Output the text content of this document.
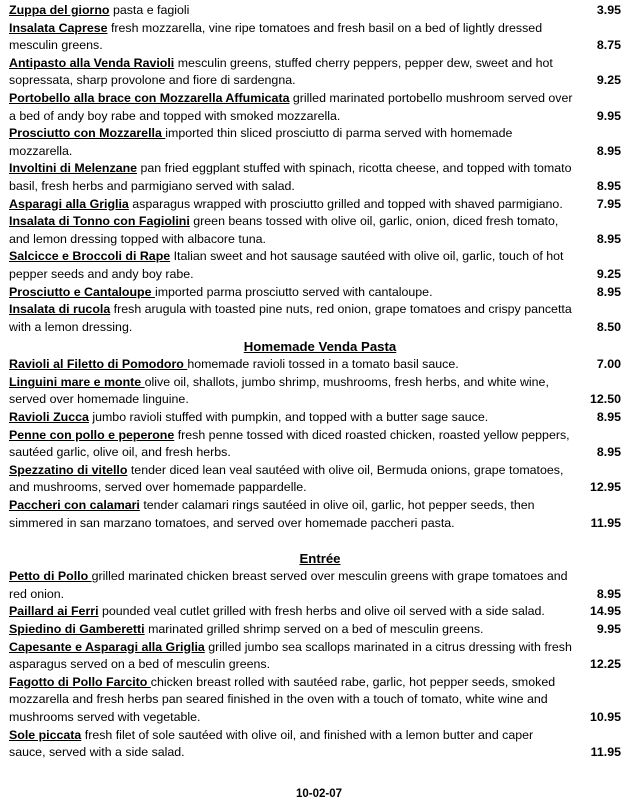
Zuppa del giorno pasta e fagioli	3.95
Insalata Caprese fresh mozzarella, vine ripe tomatoes and fresh basil on a bed of lightly dressed mesculin greens.	8.75
Antipasto alla Venda Ravioli mesculin greens, stuffed cherry peppers, pepper dew, sweet and hot sopressata, sharp provolone and fiore di sardengna.	9.25
Portobello alla brace con Mozzarella Affumicata grilled marinated portobello mushroom served over a bed of andy boy rabe and topped with smoked mozzarella.	9.95
Prosciutto con Mozzarella imported thin sliced prosciutto di parma served with homemade mozzarella.	8.95
Involtini di Melenzane pan fried eggplant stuffed with spinach, ricotta cheese, and topped with tomato basil, fresh herbs and parmigiano served with salad.	8.95
Asparagi alla Griglia asparagus wrapped with prosciutto grilled and topped with shaved parmigiano.	7.95
Insalata di Tonno con Fagiolini green beans tossed with olive oil, garlic, onion, diced fresh tomato, and lemon dressing topped with albacore tuna.	8.95
Salcicce e Broccoli di Rape Italian sweet and hot sausage sautéed with olive oil, garlic, touch of hot pepper seeds and andy boy rabe.	9.25
Prosciutto e Cantaloupe imported parma prosciutto served with cantaloupe.	8.95
Insalata di rucola fresh arugula with toasted pine nuts, red onion, grape tomatoes and crispy pancetta with a lemon dressing.	8.50
Homemade Venda Pasta
Ravioli al Filetto di Pomodoro homemade ravioli tossed in a tomato basil sauce.	7.00
Linguini mare e monte olive oil, shallots, jumbo shrimp, mushrooms, fresh herbs, and white wine, served over homemade linguine.	12.50
Ravioli Zucca jumbo ravioli stuffed with pumpkin, and topped with a butter sage sauce.	8.95
Penne con pollo e peperone fresh penne tossed with diced roasted chicken, roasted yellow peppers, sautéed garlic, olive oil, and fresh herbs.	8.95
Spezzatino di vitello tender diced lean veal sautéed with olive oil, Bermuda onions, grape tomatoes, and mushrooms, served over homemade pappardelle.	12.95
Paccheri con calamari tender calamari rings sautéed in olive oil, garlic, hot pepper seeds, then simmered in san marzano tomatoes, and served over homemade paccheri pasta.	11.95
Entrée
Petto di Pollo grilled marinated chicken breast served over mesculin greens with grape tomatoes and red onion.	8.95
Paillard ai Ferri pounded veal cutlet grilled with fresh herbs and olive oil served with a side salad.	14.95
Spiedino di Gamberetti marinated grilled shrimp served on a bed of mesculin greens.	9.95
Capesante e Asparagi alla Griglia grilled jumbo sea scallops marinated in a citrus dressing with fresh asparagus served on a bed of mesculin greens.	12.25
Fagotto di Pollo Farcito chicken breast rolled with sautéed rabe, garlic, hot pepper seeds, smoked mozzarella and fresh herbs pan seared finished in the oven with a touch of tomato, white wine and mushrooms served with vegetable.	10.95
Sole piccata fresh filet of sole sautéed with olive oil, and finished with a lemon butter and caper sauce, served with a side salad.	11.95
10-02-07
